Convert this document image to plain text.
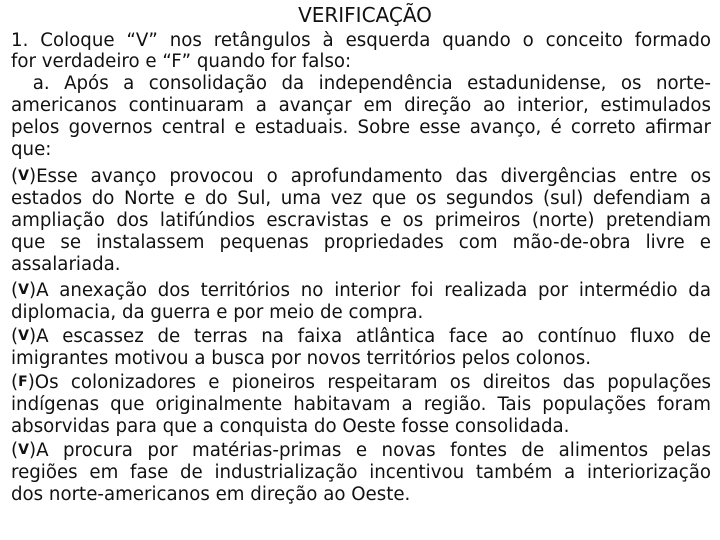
VERIFICAÇÃO
1. Coloque “V” nos retângulos à esquerda quando o conceito formado
for verdadeiro e “F” quando for falso:
a.  Após  a  consolidação  da  independência  estadunidense,  os  norte-
americanos continuaram a avançar em direção ao interior, estimulados
pelos governos central e estaduais. Sobre esse avanço, é correto afirmar
que:
(V)Esse avanço provocou o aprofundamento das divergências entre os
estados do Norte e do Sul, uma vez que os segundos (sul) defendiam a
ampliação dos latifúndios escravistas e os primeiros (norte) pretendiam
que se instalassem pequenas propriedades com mão-de-obra livre e
assalariada.
(V)A anexação dos territórios no interior foi realizada por intermédio da
diplomacia, da guerra e por meio de compra.
(V)A escassez de terras na faixa atlântica face ao contínuo fluxo de
imigrantes motivou a busca por novos territórios pelos colonos.
(F)Os colonizadores e pioneiros respeitaram os direitos das populações
indígenas que originalmente habitavam a região. Tais populações foram
absorvidas para que a conquista do Oeste fosse consolidada.
(V)A procura por matérias-primas e novas fontes de alimentos pelas
regiões em fase de industrialização incentivou também a interiorização
dos norte-americanos em direção ao Oeste.
